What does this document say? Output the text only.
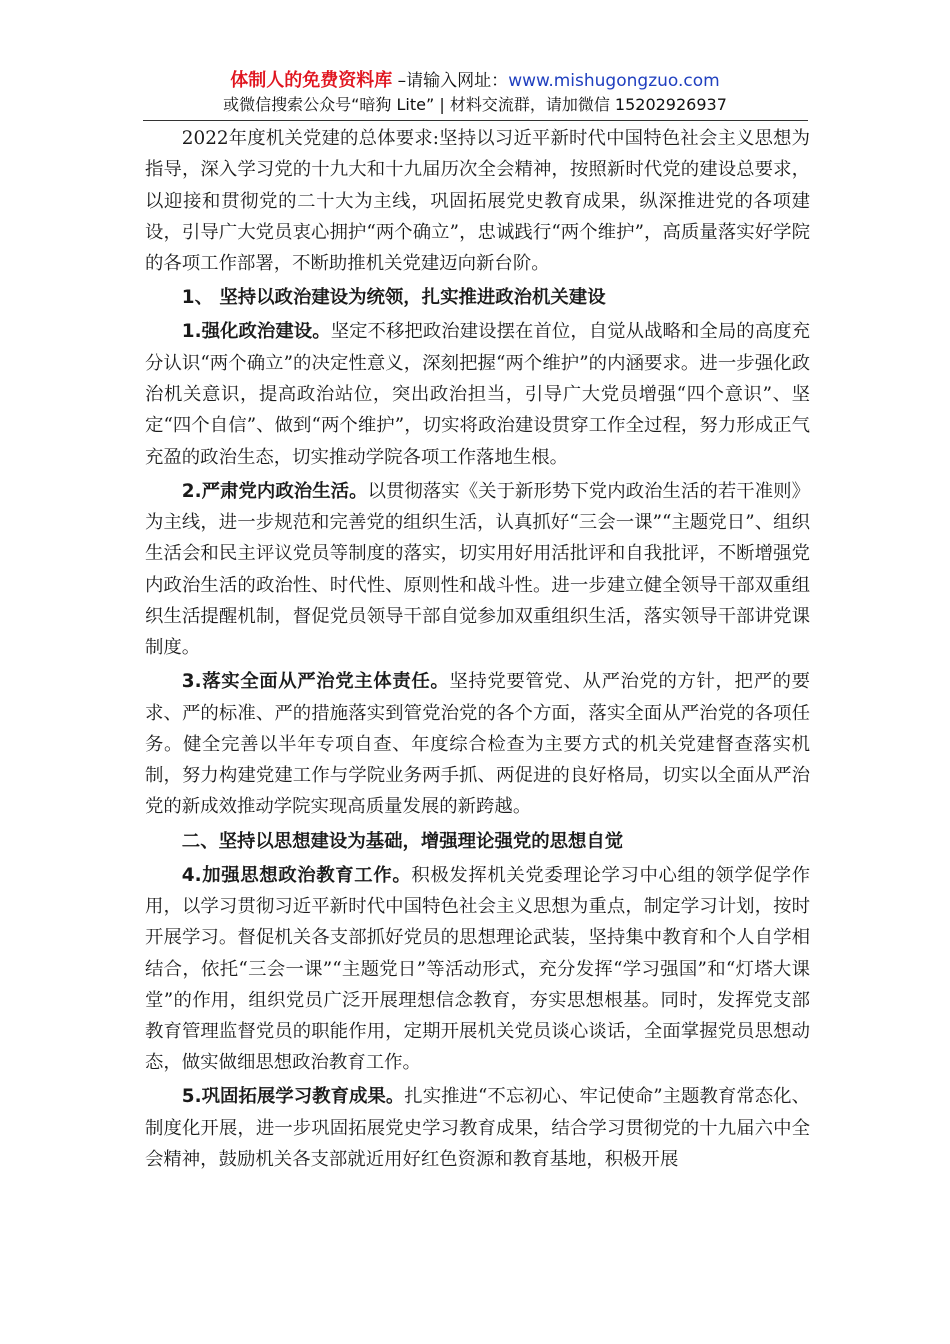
体制人的免费资料库 –请输入网址：www.mishugongzuo.com
或微信搜索公众号“暗狗 Lite” | 材料交流群，请加微信 15202926937

2022年度机关党建的总体要求:坚持以习近平新时代中国特色社会主义思想为指导，深入学习党的十九大和十九届历次全会精神，按照新时代党的建设总要求，以迎接和贯彻党的二十大为主线，巩固拓展党史教育成果，纵深推进党的各项建设，引导广大党员衷心拥护“两个确立”，忠诚践行“两个维护”，高质量落实好学院的各项工作部署，不断助推机关党建迈向新台阶。

1、 坚持以政治建设为统领，扎实推进政治机关建设

1.强化政治建设。坚定不移把政治建设摆在首位，自觉从战略和全局的高度充分认识“两个确立”的决定性意义，深刻把握“两个维护”的内涵要求。进一步强化政治机关意识，提高政治站位，突出政治担当，引导广大党员增强“四个意识”、坚定“四个自信”、做到“两个维护”，切实将政治建设贯穿工作全过程，努力形成正气充盈的政治生态，切实推动学院各项工作落地生根。

2.严肃党内政治生活。以贯彻落实《关于新形势下党内政治生活的若干准则》为主线，进一步规范和完善党的组织生活，认真抓好“三会一课”“主题党日”、组织生活会和民主评议党员等制度的落实，切实用好用活批评和自我批评，不断增强党内政治生活的政治性、时代性、原则性和战斗性。进一步建立健全领导干部双重组织生活提醒机制，督促党员领导干部自觉参加双重组织生活，落实领导干部讲党课制度。

3.落实全面从严治党主体责任。坚持党要管党、从严治党的方针，把严的要求、严的标准、严的措施落实到管党治党的各个方面，落实全面从严治党的各项任务。健全完善以半年专项自查、年度综合检查为主要方式的机关党建督查落实机制，努力构建党建工作与学院业务两手抓、两促进的良好格局，切实以全面从严治党的新成效推动学院实现高质量发展的新跨越。

二、坚持以思想建设为基础，增强理论强党的思想自觉

4.加强思想政治教育工作。积极发挥机关党委理论学习中心组的领学促学作用，以学习贯彻习近平新时代中国特色社会主义思想为重点，制定学习计划，按时开展学习。督促机关各支部抓好党员的思想理论武装，坚持集中教育和个人自学相结合，依托“三会一课”“主题党日”等活动形式，充分发挥“学习强国”和“灯塔大课堂”的作用，组织党员广泛开展理想信念教育，夯实思想根基。同时，发挥党支部教育管理监督党员的职能作用，定期开展机关党员谈心谈话，全面掌握党员思想动态，做实做细思想政治教育工作。

5.巩固拓展学习教育成果。扎实推进“不忘初心、牢记使命”主题教育常态化、制度化开展，进一步巩固拓展党史学习教育成果，结合学习贯彻党的十九届六中全会精神，鼓励机关各支部就近用好红色资源和教育基地，积极开展
